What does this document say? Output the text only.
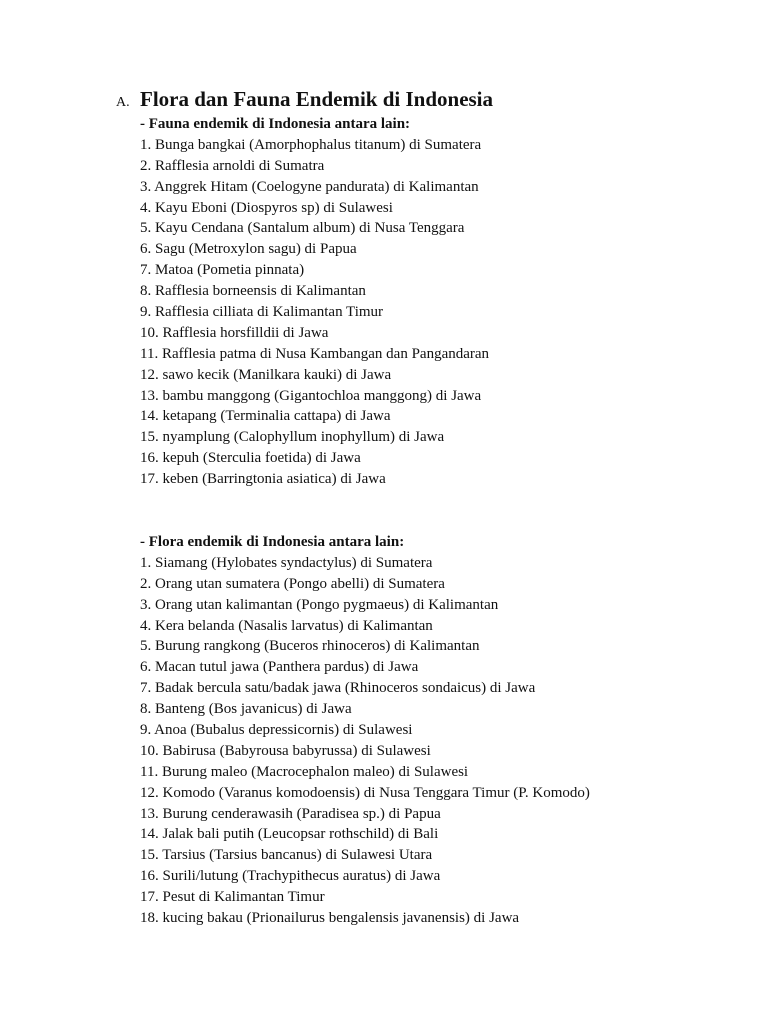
A. Flora dan Fauna Endemik di Indonesia
- Fauna endemik di Indonesia antara lain:
1. Bunga bangkai (Amorphophalus titanum) di Sumatera
2. Rafflesia arnoldi di Sumatra
3. Anggrek Hitam (Coelogyne pandurata) di Kalimantan
4. Kayu Eboni (Diospyros sp) di Sulawesi
5. Kayu Cendana (Santalum album) di Nusa Tenggara
6. Sagu (Metroxylon sagu) di Papua
7. Matoa (Pometia pinnata)
8. Rafflesia borneensis di Kalimantan
9. Rafflesia cilliata di Kalimantan Timur
10. Rafflesia horsfilldii di Jawa
11. Rafflesia patma di Nusa Kambangan dan Pangandaran
12. sawo kecik (Manilkara kauki) di Jawa
13. bambu manggong (Gigantochloa manggong) di Jawa
14. ketapang (Terminalia cattapa) di Jawa
15. nyamplung (Calophyllum inophyllum) di Jawa
16. kepuh (Sterculia foetida) di Jawa
17. keben (Barringtonia asiatica) di Jawa
- Flora endemik di Indonesia antara lain:
1. Siamang (Hylobates syndactylus) di Sumatera
2. Orang utan sumatera (Pongo abelli) di Sumatera
3. Orang utan kalimantan (Pongo pygmaeus) di Kalimantan
4. Kera belanda (Nasalis larvatus) di Kalimantan
5. Burung rangkong (Buceros rhinoceros) di Kalimantan
6. Macan tutul jawa (Panthera pardus) di Jawa
7. Badak bercula satu/badak jawa (Rhinoceros sondaicus) di Jawa
8. Banteng (Bos javanicus) di Jawa
9. Anoa (Bubalus depressicornis) di Sulawesi
10. Babirusa (Babyrousa babyrussa) di Sulawesi
11. Burung maleo (Macrocephalon maleo) di Sulawesi
12. Komodo (Varanus komodoensis) di Nusa Tenggara Timur (P. Komodo)
13. Burung cenderawasih (Paradisea sp.) di Papua
14. Jalak bali putih (Leucopsar rothschild) di Bali
15. Tarsius (Tarsius bancanus) di Sulawesi Utara
16. Surili/lutung (Trachypithecus auratus) di Jawa
17. Pesut di Kalimantan Timur
18. kucing bakau (Prionailurus bengalensis javanensis) di Jawa
